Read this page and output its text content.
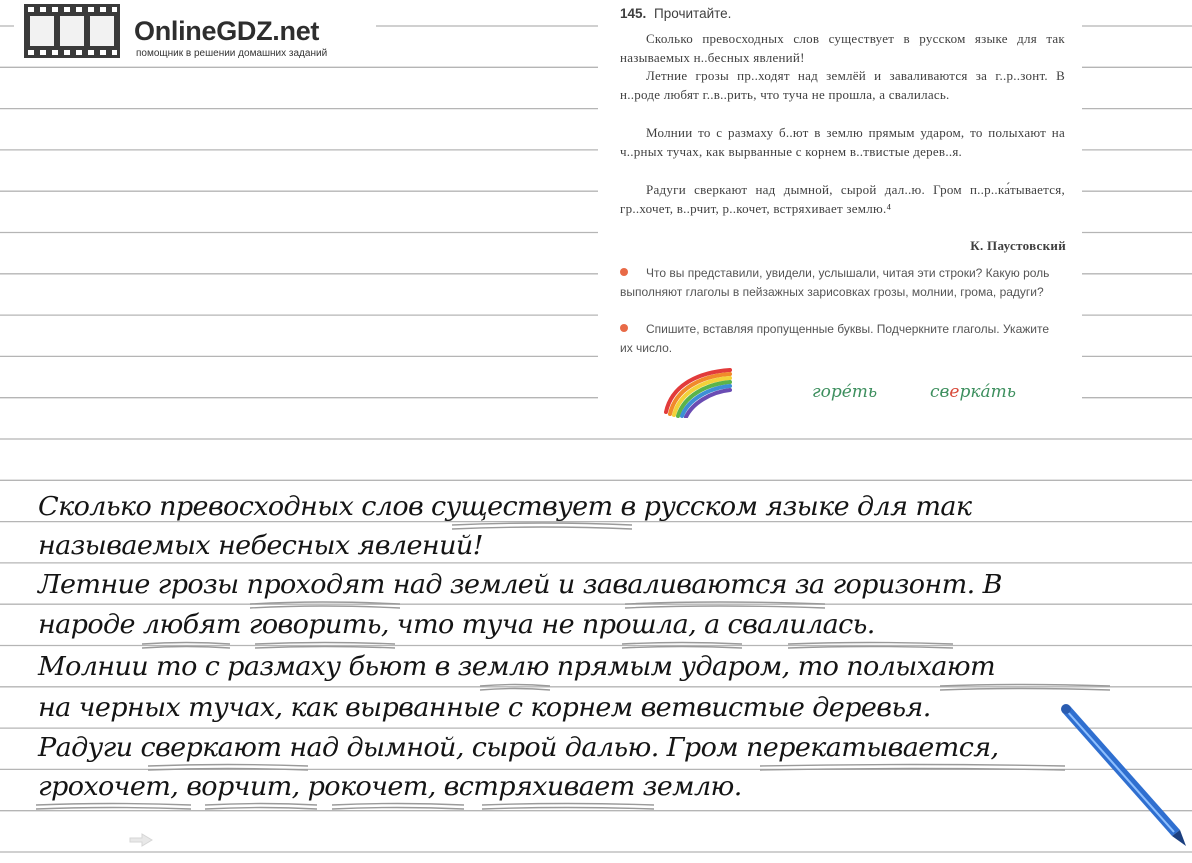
OnlineGDZ.net
помощник в решении домашних заданий
145. Прочитайте.

Сколько превосходных слов существует в русском языке для так называемых н..бесных явлений!

Летние грозы пр..ходят над землёй и заваливаются за г..р..зонт. В н..роде любят г..в..рить, что туча не прошла, а свалилась.

Молнии то с размаху б..ют в землю прямым ударом, то полыхают на ч..рных тучах, как вырванные с корнем в..твистые дерев..я.

Радуги сверкают над дымной, сырой дал..ю. Гром п..р..ка́тывается, гр..хочет, в..рчит, р..кочет, встряхивает землю.⁴

К. Паустовский

Что вы представили, увидели, услышали, читая эти строки? Какую роль выполняют глаголы в пейзажных зарисовках грозы, молнии, грома, радуги?

Спишите, вставляя пропущенные буквы. Подчеркните глаголы. Укажите их число.

горе́ть	сверка́ть
Сколько превосходных слов существует в русском языке для так
называемых небесных явлений!
Летние грозы проходят над землей и заваливаются за горизонт. В
народе любят говорить, что туча не прошла, а свалилась.
Молнии то с размаху бьют в землю прямым ударом, то полыхают
на черных тучах, как вырванные с корнем ветвистые деревья.
Радуги сверкают над дымной, сырой далью. Гром перекатывается,
грохочет, ворчит, рокочет, встряхивает землю.
